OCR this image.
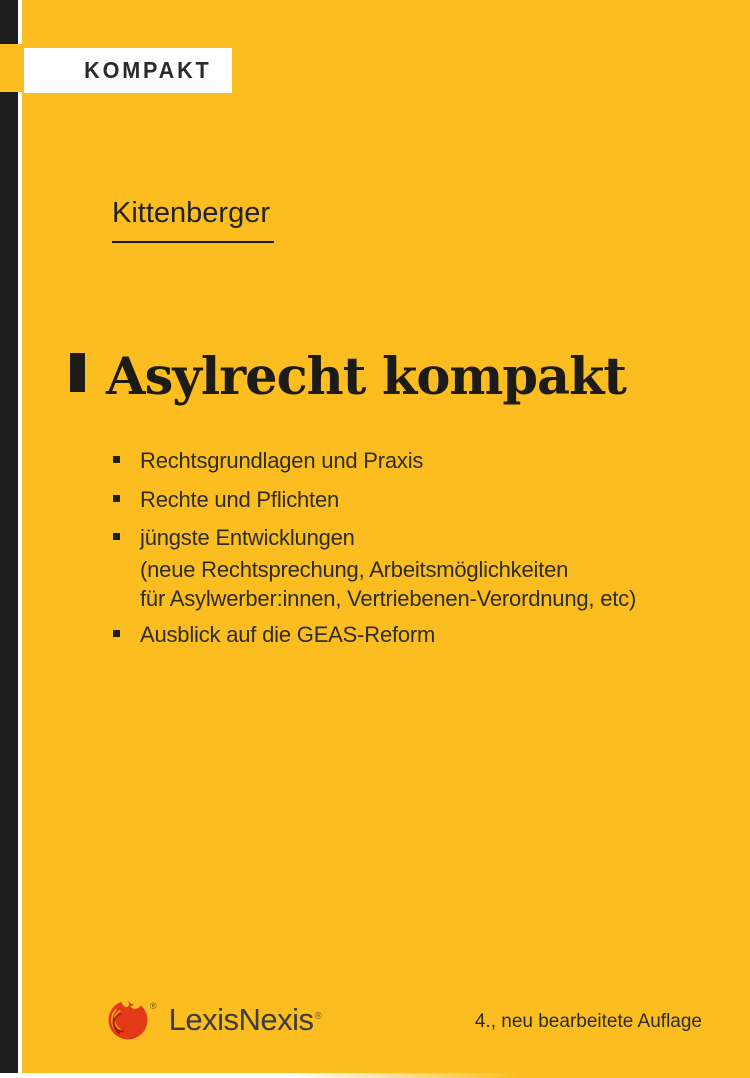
KOMPAKT
Kittenberger
Asylrecht kompakt
Rechtsgrundlagen und Praxis
Rechte und Pflichten
jüngste Entwicklungen
(neue Rechtsprechung, Arbeitsmöglichkeiten
für Asylwerber:innen, Vertriebenen-Verordnung, etc)
Ausblick auf die GEAS-Reform
® LexisNexis®	4., neu bearbeitete Auflage
